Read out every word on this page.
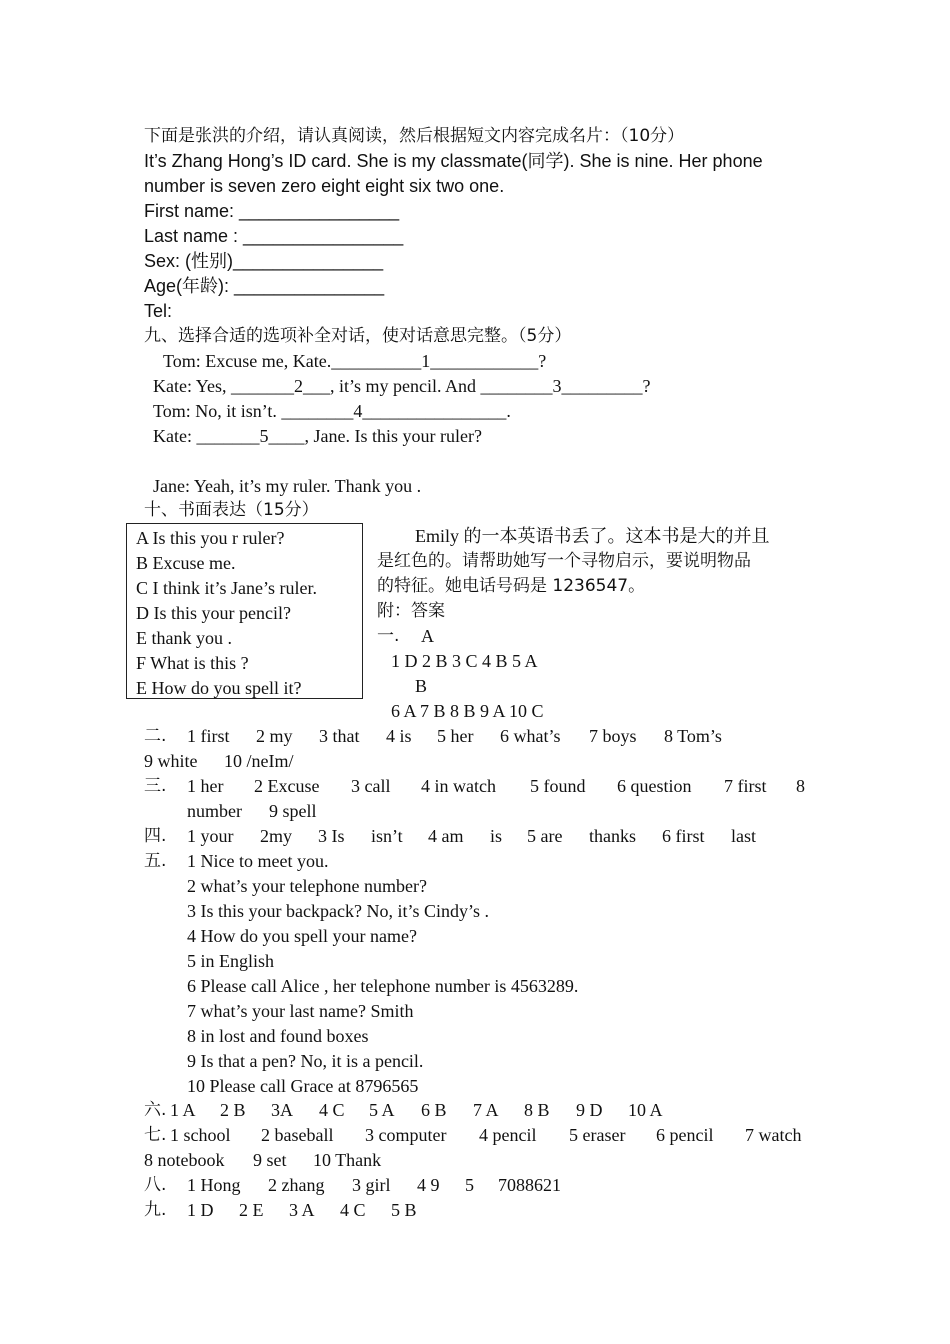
下面是张洪的介绍，请认真阅读，然后根据短文内容完成名片：（10分）
It’s Zhang Hong’s ID card. She is my classmate(同学). She is nine. Her phone
number is seven zero eight eight six two one.
First name: ________________
Last name : ________________
Sex: (性别)_______________
Age(年龄): _______________
Tel:
九、选择合适的选项补全对话，使对话意思完整。（5分）
Tom: Excuse me, Kate.__________1____________?
Kate: Yes, _______2___, it’s my pencil. And ________3_________?
Tom: No, it isn’t. ________4________________.
Kate: _______5____, Jane. Is this your ruler?
Jane: Yeah, it’s my ruler. Thank you .
十、书面表达（15分）
A Is this you r ruler?
B Excuse me.
C I think it’s Jane’s ruler.
D Is this your pencil?
E thank you .
F What is this ?
E How do you spell it?
Emily 的一本英语书丢了。这本书是大的并且
是红色的。请帮助她写一个寻物启示，要说明物品
的特征。她电话号码是 1236547。
附：答案
一. A
1 D 2 B 3 C 4 B 5 A
B
6 A 7 B 8 B 9 A 10 C
二. 1 first 2 my 3 that 4 is 5 her 6 what’s 7 boys 8 Tom’s
9 white 10 /neIm/
三. 1 her 2 Excuse 3 call 4 in watch 5 found 6 question 7 first 8
number 9 spell
四. 1 your 2my 3 Is isn’t 4 am is 5 are thanks 6 first last
五. 1 Nice to meet you.
2 what’s your telephone number?
3 Is this your backpack? No, it’s Cindy’s .
4 How do you spell your name?
5 in English
6 Please call Alice , her telephone number is 4563289.
7 what’s your last name? Smith
8 in lost and found boxes
9 Is that a pen? No, it is a pencil.
10 Please call Grace at 8796565
六. 1 A 2 B 3A 4 C 5 A 6 B 7 A 8 B 9 D 10 A
七. 1 school 2 baseball 3 computer 4 pencil 5 eraser 6 pencil 7 watch
8 notebook 9 set 10 Thank
八. 1 Hong 2 zhang 3 girl 4 9 5 7088621
九. 1 D 2 E 3 A 4 C 5 B
